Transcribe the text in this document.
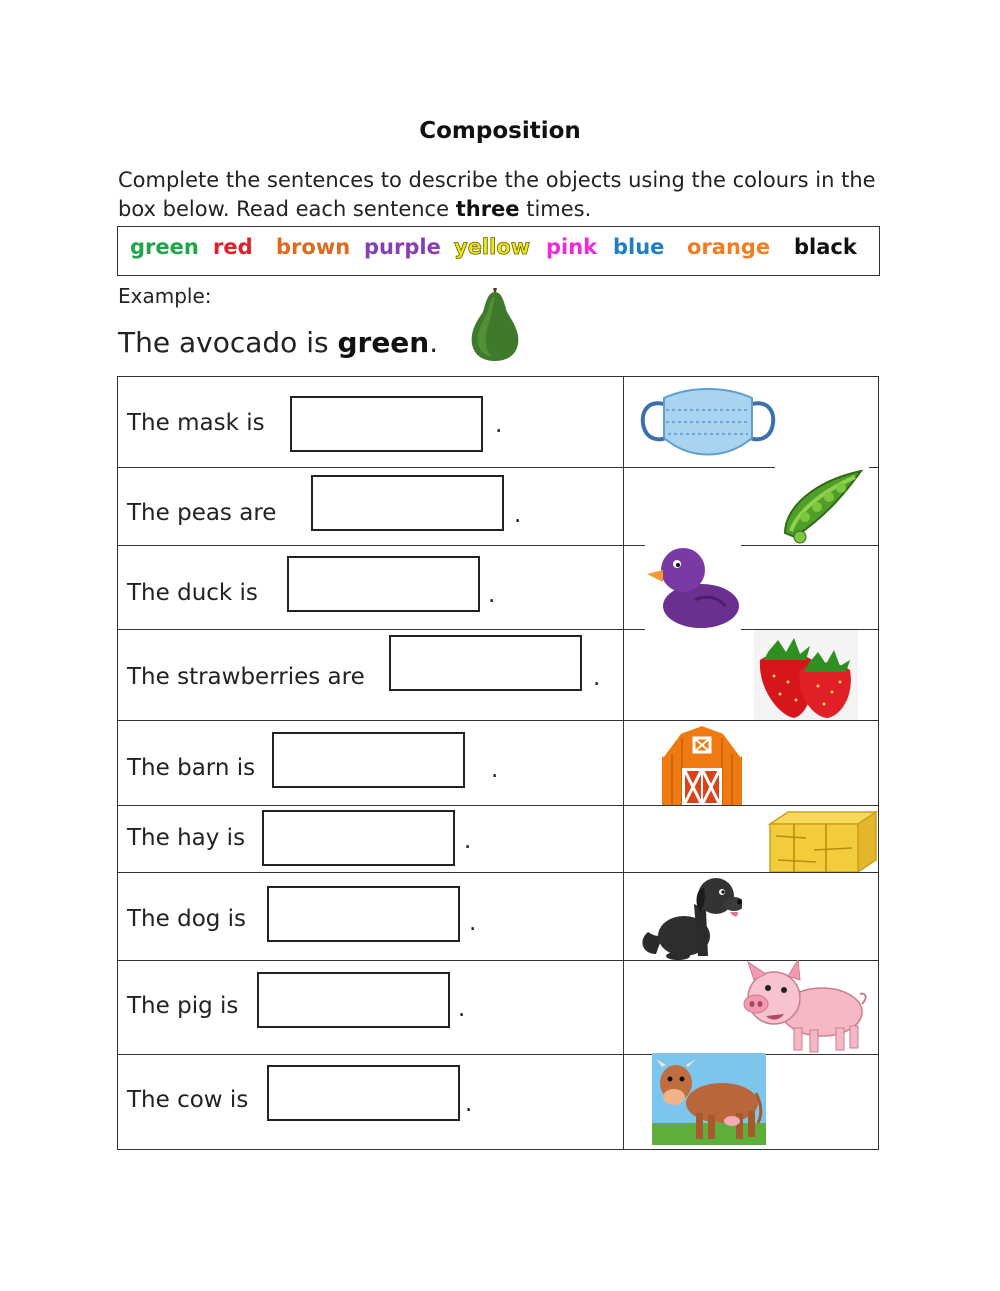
Composition
Complete the sentences to describe the objects using the colours in the box below. Read each sentence three times.
green red brown purple yellow pink blue orange black
Example:
The avocado is green.
The mask is	.
The peas are	.
The duck is	.
The strawberries are	.
The barn is	.
The hay is	.
The dog is	.
The pig is	.
The cow is	.
